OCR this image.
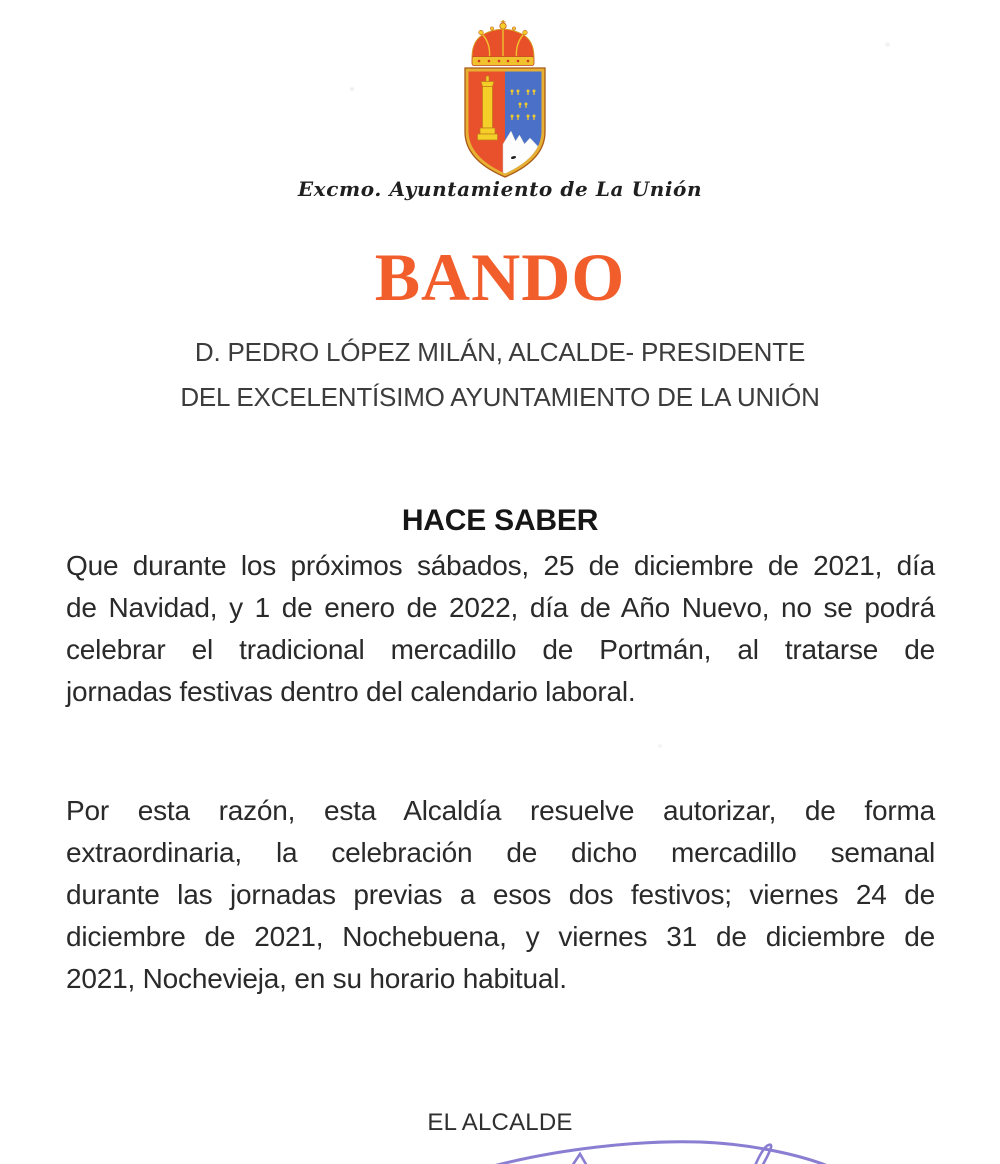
Excmo. Ayuntamiento de La Unión
BANDO
D. PEDRO LÓPEZ MILÁN, ALCALDE- PRESIDENTE
DEL EXCELENTÍSIMO AYUNTAMIENTO DE LA UNIÓN
HACE SABER
Que durante los próximos sábados, 25 de diciembre de 2021, día
de Navidad, y 1 de enero de 2022, día de Año Nuevo, no se podrá
celebrar el tradicional mercadillo de Portmán, al tratarse de
jornadas festivas dentro del calendario laboral.
Por esta razón, esta Alcaldía resuelve autorizar, de forma
extraordinaria, la celebración de dicho mercadillo semanal
durante las jornadas previas a esos dos festivos; viernes 24 de
diciembre de 2021, Nochebuena, y viernes 31 de diciembre de
2021, Nochevieja, en su horario habitual.
EL ALCALDE
